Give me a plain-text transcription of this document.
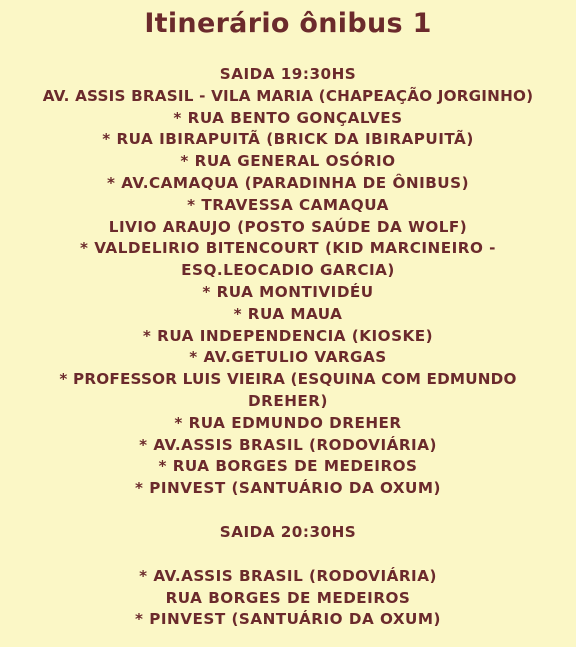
Itinerário ônibus 1
SAIDA 19:30HS
AV. ASSIS BRASIL - VILA MARIA (CHAPEAÇÃO JORGINHO)
* RUA BENTO GONÇALVES
* RUA IBIRAPUITÃ (BRICK DA IBIRAPUITÃ)
* RUA GENERAL OSÓRIO
* AV.CAMAQUA (PARADINHA DE ÔNIBUS)
* TRAVESSA CAMAQUA
LIVIO ARAUJO (POSTO SAÚDE DA WOLF)
* VALDELIRIO BITENCOURT (KID MARCINEIRO -
ESQ.LEOCADIO GARCIA)
* RUA MONTIVIDÉU
* RUA MAUA
* RUA INDEPENDENCIA (KIOSKE)
* AV.GETULIO VARGAS
* PROFESSOR LUIS VIEIRA (ESQUINA COM EDMUNDO
DREHER)
* RUA EDMUNDO DREHER
* AV.ASSIS BRASIL (RODOVIÁRIA)
* RUA BORGES DE MEDEIROS
* PINVEST (SANTUÁRIO DA OXUM)
SAIDA 20:30HS
* AV.ASSIS BRASIL (RODOVIÁRIA)
RUA BORGES DE MEDEIROS
* PINVEST (SANTUÁRIO DA OXUM)
